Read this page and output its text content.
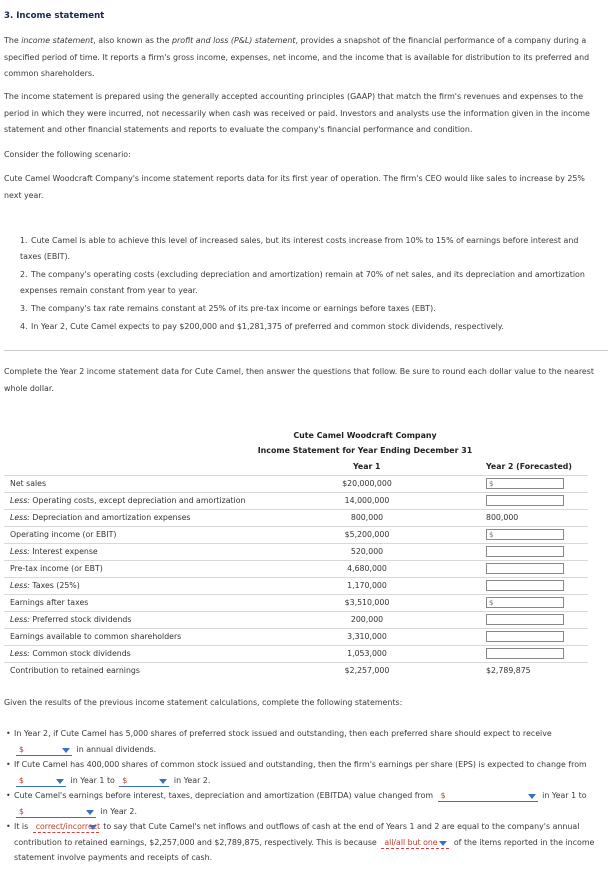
3. Income statement
The income statement, also known as the profit and loss (P&L) statement, provides a snapshot of the financial performance of a company during a specified period of time. It reports a firm's gross income, expenses, net income, and the income that is available for distribution to its preferred and common shareholders.
The income statement is prepared using the generally accepted accounting principles (GAAP) that match the firm's revenues and expenses to the period in which they were incurred, not necessarily when cash was received or paid. Investors and analysts use the information given in the income statement and other financial statements and reports to evaluate the company's financial performance and condition.
Consider the following scenario:
Cute Camel Woodcraft Company's income statement reports data for its first year of operation. The firm's CEO would like sales to increase by 25% next year.
1. Cute Camel is able to achieve this level of increased sales, but its interest costs increase from 10% to 15% of earnings before interest and taxes (EBIT).
2. The company's operating costs (excluding depreciation and amortization) remain at 70% of net sales, and its depreciation and amortization expenses remain constant from year to year.
3. The company's tax rate remains constant at 25% of its pre-tax income or earnings before taxes (EBT).
4. In Year 2, Cute Camel expects to pay $200,000 and $1,281,375 of preferred and common stock dividends, respectively.
Complete the Year 2 income statement data for Cute Camel, then answer the questions that follow. Be sure to round each dollar value to the nearest whole dollar.
Cute Camel Woodcraft Company
Income Statement for Year Ending December 31
Year 1	Year 2 (Forecasted)
Net sales	$20,000,000	$
Less: Operating costs, except depreciation and amortization	14,000,000
Less: Depreciation and amortization expenses	800,000	800,000
Operating income (or EBIT)	$5,200,000	$
Less: Interest expense	520,000
Pre-tax income (or EBT)	4,680,000
Less: Taxes (25%)	1,170,000
Earnings after taxes	$3,510,000	$
Less: Preferred stock dividends	200,000
Earnings available to common shareholders	3,310,000
Less: Common stock dividends	1,053,000
Contribution to retained earnings	$2,257,000	$2,789,875
Given the results of the previous income statement calculations, complete the following statements:
• In Year 2, if Cute Camel has 5,000 shares of preferred stock issued and outstanding, then each preferred share should expect to receive
$	in annual dividends.
• If Cute Camel has 400,000 shares of common stock issued and outstanding, then the firm's earnings per share (EPS) is expected to change from
$	in Year 1 to $	in Year 2.
• Cute Camel's earnings before interest, taxes, depreciation and amortization (EBITDA) value changed from $	in Year 1 to
$	in Year 2.
• It is correct/incorrect to say that Cute Camel's net inflows and outflows of cash at the end of Years 1 and 2 are equal to the company's annual contribution to retained earnings, $2,257,000 and $2,789,875, respectively. This is because all/all but one of the items reported in the income statement involve payments and receipts of cash.
